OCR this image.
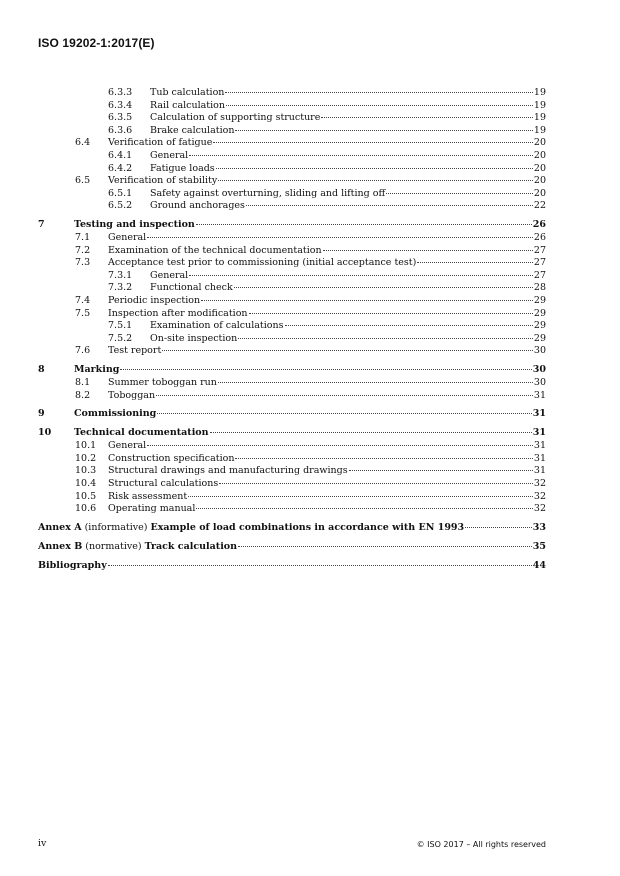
ISO 19202-1:2017(E)
6.3.3 Tub calculation	19
6.3.4 Rail calculation	19
6.3.5 Calculation of supporting structure	19
6.3.6 Brake calculation	19
6.4 Verification of fatigue	20
6.4.1 General	20
6.4.2 Fatigue loads	20
6.5 Verification of stability	20
6.5.1 Safety against overturning, sliding and lifting off	20
6.5.2 Ground anchorages	22
7	Testing and inspection	26
7.1 General	26
7.2 Examination of the technical documentation	27
7.3 Acceptance test prior to commissioning (initial acceptance test)	27
7.3.1 General	27
7.3.2 Functional check	28
7.4 Periodic inspection	29
7.5 Inspection after modification	29
7.5.1 Examination of calculations	29
7.5.2 On-site inspection	29
7.6 Test report	30
8	Marking	30
8.1 Summer toboggan run	30
8.2 Toboggan	31
9	Commissioning	31
10 Technical documentation	31
10.1 General	31
10.2 Construction specification	31
10.3 Structural drawings and manufacturing drawings	31
10.4 Structural calculations	32
10.5 Risk assessment	32
10.6 Operating manual	32
Annex A (informative) Example of load combinations in accordance with EN 1993	33
Annex B (normative) Track calculation	35
Bibliography	44
iv	© ISO 2017 – All rights reserved
